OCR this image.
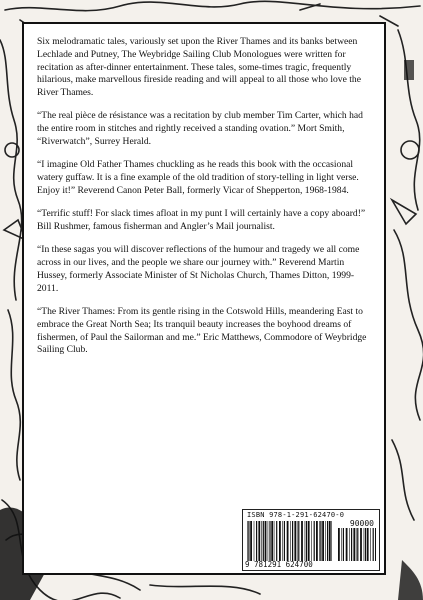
Six melodramatic tales, variously set upon the River Thames and its banks between Lechlade and Putney, The Weybridge Sailing Club Monologues were written for recitation as after-dinner entertainment. These tales, some-times tragic, frequently hilarious, make marvellous fireside reading and will appeal to all those who love the River Thames.

“The real pièce de résistance was a recitation by club member Tim Carter, which had the entire room in stitches and rightly received a standing ovation.” Mort Smith, “Riverwatch”, Surrey Herald.

“I imagine Old Father Thames chuckling as he reads this book with the occasional watery guffaw. It is a fine example of the old tradition of story-telling in light verse. Enjoy it!” Reverend Canon Peter Ball, formerly Vicar of Shepperton, 1968-1984.

“Terrific stuff! For slack times afloat in my punt I will certainly have a copy aboard!” Bill Rushmer, famous fisherman and Angler’s Mail journalist.

“In these sagas you will discover reflections of the humour and tragedy we all come across in our lives, and the people we share our journey with.” Reverend Martin Hussey, formerly Associate Minister of St Nicholas Church, Thames Ditton, 1999-2011.

“The River Thames: From its gentle rising in the Cotswold Hills, meandering East to embrace the Great North Sea; Its tranquil beauty increases the boyhood dreams of fishermen, of Paul the Sailorman and me.” Eric Matthews, Commodore of Weybridge Sailing Club.

ISBN 978-1-291-62470-0
90000
9 781291 624700
